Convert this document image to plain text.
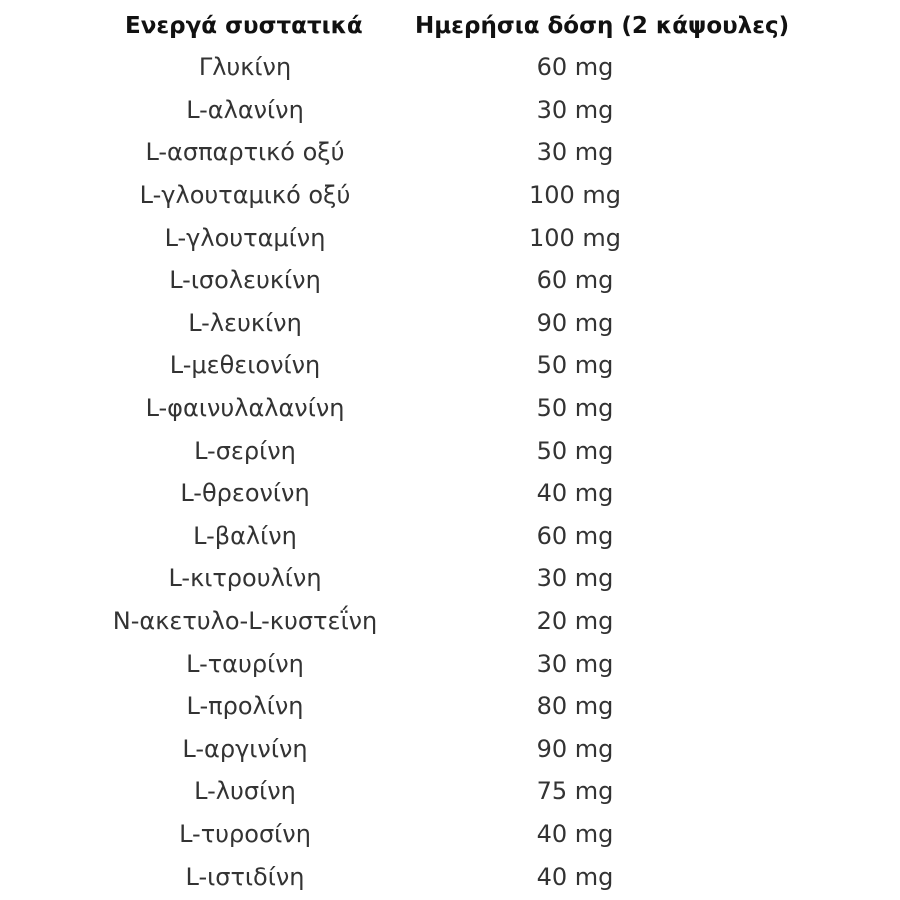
Ενεργά συστατικά	Ημερήσια δόση (2 κάψουλες)
Γλυκίνη	60 mg
L-αλανίνη	30 mg
L-ασπαρτικό οξύ	30 mg
L-γλουταμικό οξύ	100 mg
L-γλουταμίνη	100 mg
L-ισολευκίνη	60 mg
L-λευκίνη	90 mg
L-μεθειονίνη	50 mg
L-φαινυλαλανίνη	50 mg
L-σερίνη	50 mg
L-θρεονίνη	40 mg
L-βαλίνη	60 mg
L-κιτρουλίνη	30 mg
N-ακετυλο-L-κυστεΐνη	20 mg
L-ταυρίνη	30 mg
L-προλίνη	80 mg
L-αργινίνη	90 mg
L-λυσίνη	75 mg
L-τυροσίνη	40 mg
L-ιστιδίνη	40 mg
